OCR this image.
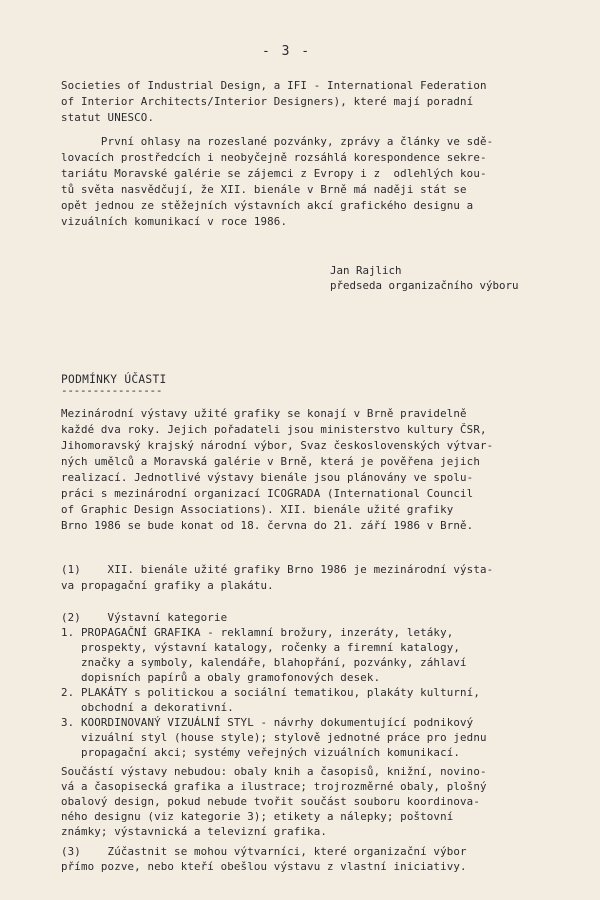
- 3 -

Societies of Industrial Design, a IFI - International Federation

of Interior Architects/Interior Designers), které mají poradní

statut UNESCO.

První ohlasy na rozeslané pozvánky, zprávy a články ve sdě-

lovacích prostředcích i neobyčejně rozsáhlá korespondence sekre-

tariátu Moravské galérie se zájemci z Evropy i z  odlehlých kou-

tů světa nasvědčují, že XII. bienále v Brně má naději stát se

opět jednou ze stěžejních výstavních akcí grafického designu a

vizuálních komunikací v roce 1986.

Jan Rajlich
předseda organizačního výboru

PODMÍNKY ÚČASTI

----------------

Mezinárodní výstavy užité grafiky se konají v Brně pravidelně

každé dva roky. Jejich pořadateli jsou ministerstvo kultury ČSR,

Jihomoravský krajský národní výbor, Svaz československých výtvar-

ných umělců a Moravská galérie v Brně, která je pověřena jejich

realizací. Jednotlivé výstavy bienále jsou plánovány ve spolu-

práci s mezinárodní organizací ICOGRADA (International Council

of Graphic Design Associations). XII. bienále užité grafiky

Brno 1986 se bude konat od 18. června do 21. září 1986 v Brně.

(1)    XII. bienále užité grafiky Brno 1986 je mezinárodní výsta-

va propagační grafiky a plakátu.

(2)    Výstavní kategorie

1. PROPAGAČNÍ GRAFIKA - reklamní brožury, inzeráty, letáky,

prospekty, výstavní katalogy, ročenky a firemní katalogy,

značky a symboly, kalendáře, blahopřání, pozvánky, záhlaví

dopisních papírů a obaly gramofonových desek.

2. PLAKÁTY s politickou a sociální tematikou, plakáty kulturní,

obchodní a dekorativní.

3. KOORDINOVANÝ VIZUÁLNÍ STYL - návrhy dokumentující podnikový

vizuální styl (house style); stylově jednotné práce pro jednu

propagační akci; systémy veřejných vizuálních komunikací.

Součástí výstavy nebudou: obaly knih a časopisů, knižní, novino-

vá a časopisecká grafika a ilustrace; trojrozměrné obaly, plošný

obalový design, pokud nebude tvořit součást souboru koordinova-

ného designu (viz kategorie 3); etikety a nálepky; poštovní

známky; výstavnická a televizní grafika.

(3)    Zúčastnit se mohou výtvarníci, které organizační výbor

přímo pozve, nebo kteří obešlou výstavu z vlastní iniciativy.
